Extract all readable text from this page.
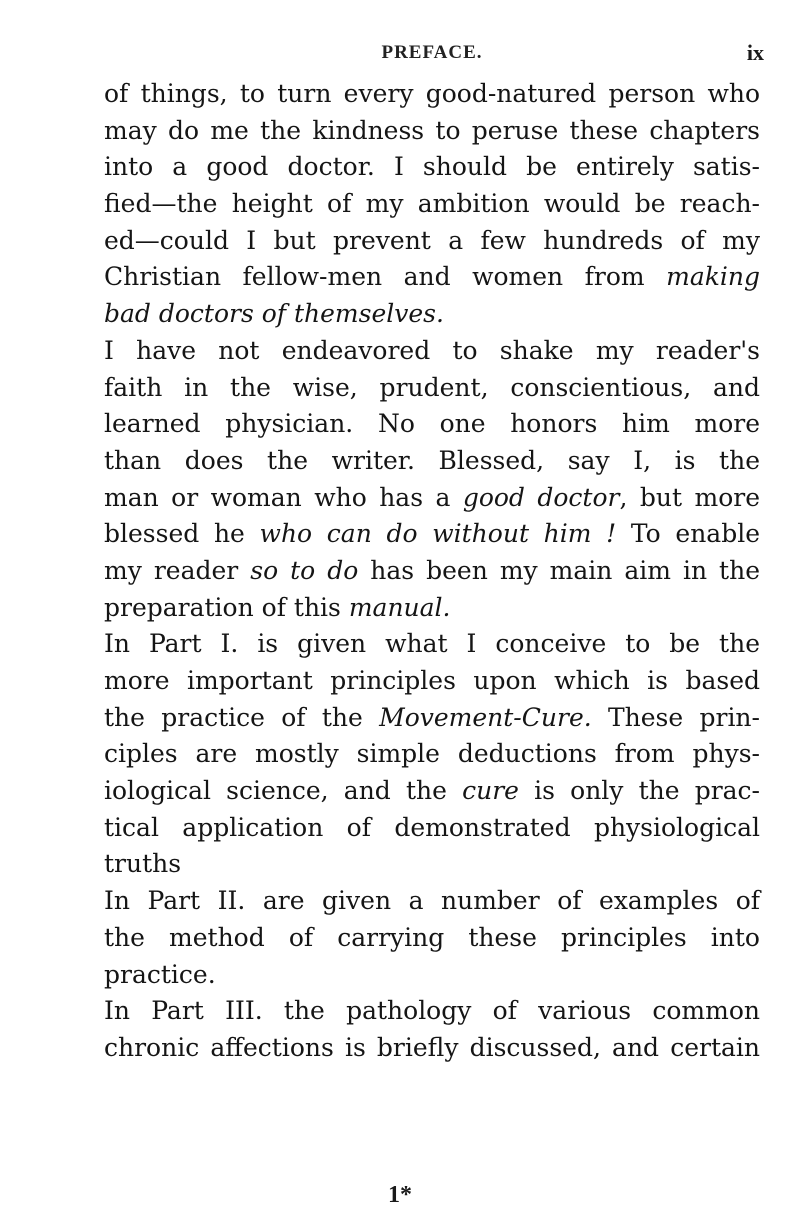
PREFACE.	ix
of things, to turn every good-natured person who
may do me the kindness to peruse these chapters
into a good doctor. I should be entirely satis-
fied—the height of my ambition would be reach-
ed—could I but prevent a few hundreds of my
Christian fellow-men and women from making
bad doctors of themselves.
I have not endeavored to shake my reader's
faith in the wise, prudent, conscientious, and
learned physician. No one honors him more
than does the writer. Blessed, say I, is the
man or woman who has a good doctor, but more
blessed he who can do without him ! To enable
my reader so to do has been my main aim in the
preparation of this manual.
In Part I. is given what I conceive to be the
more important principles upon which is based
the practice of the Movement-Cure. These prin-
ciples are mostly simple deductions from phys-
iological science, and the cure is only the prac-
tical application of demonstrated physiological
truths
In Part II. are given a number of examples of
the method of carrying these principles into
practice.
In Part III. the pathology of various common
chronic affections is briefly discussed, and certain
1*
